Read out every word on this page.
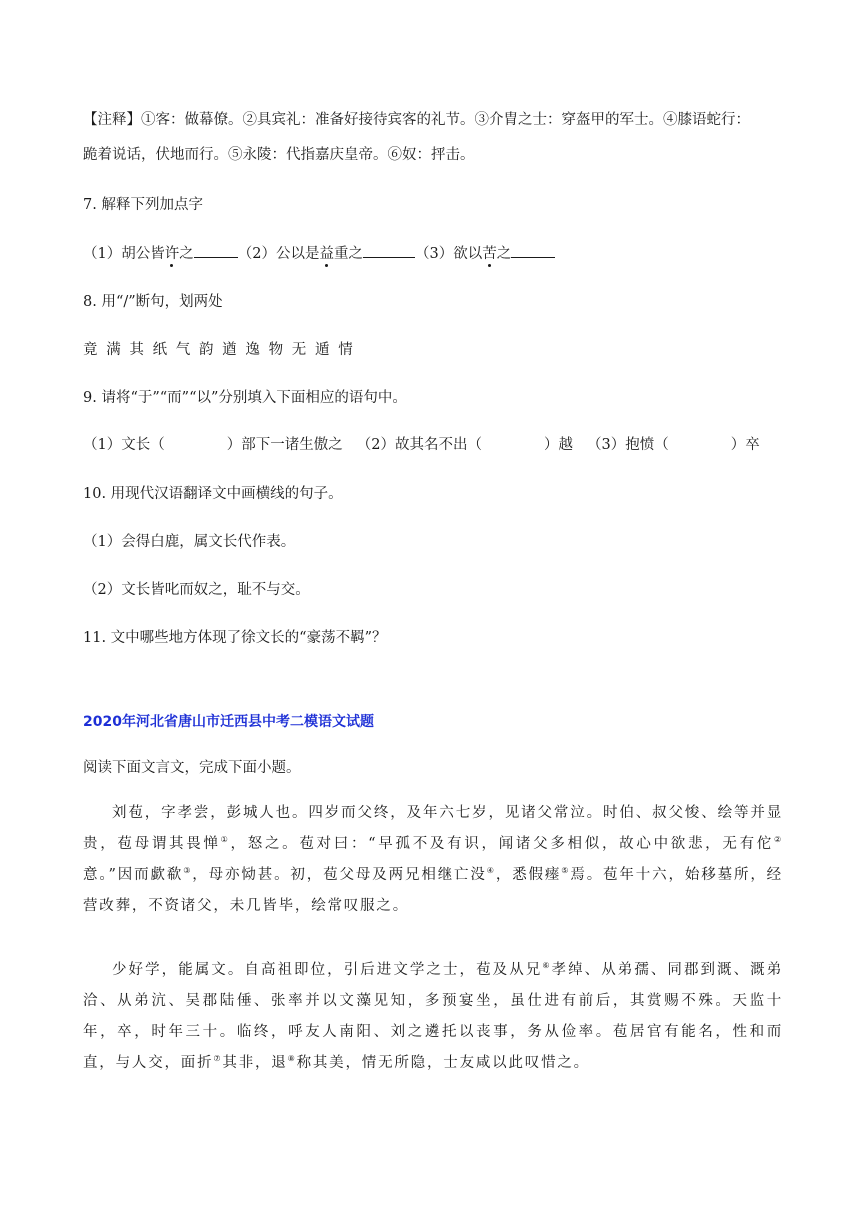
【注释】①客：做幕僚。②具宾礼：准备好接待宾客的礼节。③介胄之士：穿盔甲的军士。④膝语蛇行：
跪着说话，伏地而行。⑤永陵：代指嘉庆皇帝。⑥奴：抨击。
7. 解释下列加点字
（1）胡公皆许之	（2）公以是益重之	（3）欲以苦之
8. 用“/”断句，划两处
竟满其纸气韵遒逸物无遁情
9. 请将“于”“而”“以”分别填入下面相应的语句中。
（1）文长（	）部下一诸生傲之 （2）故其名不出（	）越 （3）抱愤（	）卒
10. 用现代汉语翻译文中画横线的句子。
（1）会得白鹿，属文长代作表。
（2）文长皆叱而奴之，耻不与交。
11. 文中哪些地方体现了徐文长的“豪荡不羁”？
2020年河北省唐山市迁西县中考二模语文试题
阅读下面文言文，完成下面小题。

刘苞，字孝尝，彭城人也。四岁而父终，及年六七岁，见诸父常泣。时伯、叔父悛、绘等并显贵，苞母谓其畏惮①，怒之。苞对曰：“早孤不及有识，闻诸父多相似，故心中欲悲，无有佗②意。”因而歔欷③，母亦恸甚。初，苞父母及两兄相继亡没④，悉假瘗⑤焉。苞年十六，始移墓所，经营改葬，不资诸父，未几皆毕，绘常叹服之。

少好学，能属文。自高祖即位，引后进文学之士，苞及从兄⑥孝绰、从弟孺、同郡到溉、溉弟洽、从弟沆、吴郡陆倕、张率并以文藻见知，多预宴坐，虽仕进有前后，其赏赐不殊。天监十年，卒，时年三十。临终，呼友人南阳、刘之遴托以丧事，务从俭率。苞居官有能名，性和而直，与人交，面折⑦其非，退⑧称其美，情无所隐，士友咸以此叹惜之。
